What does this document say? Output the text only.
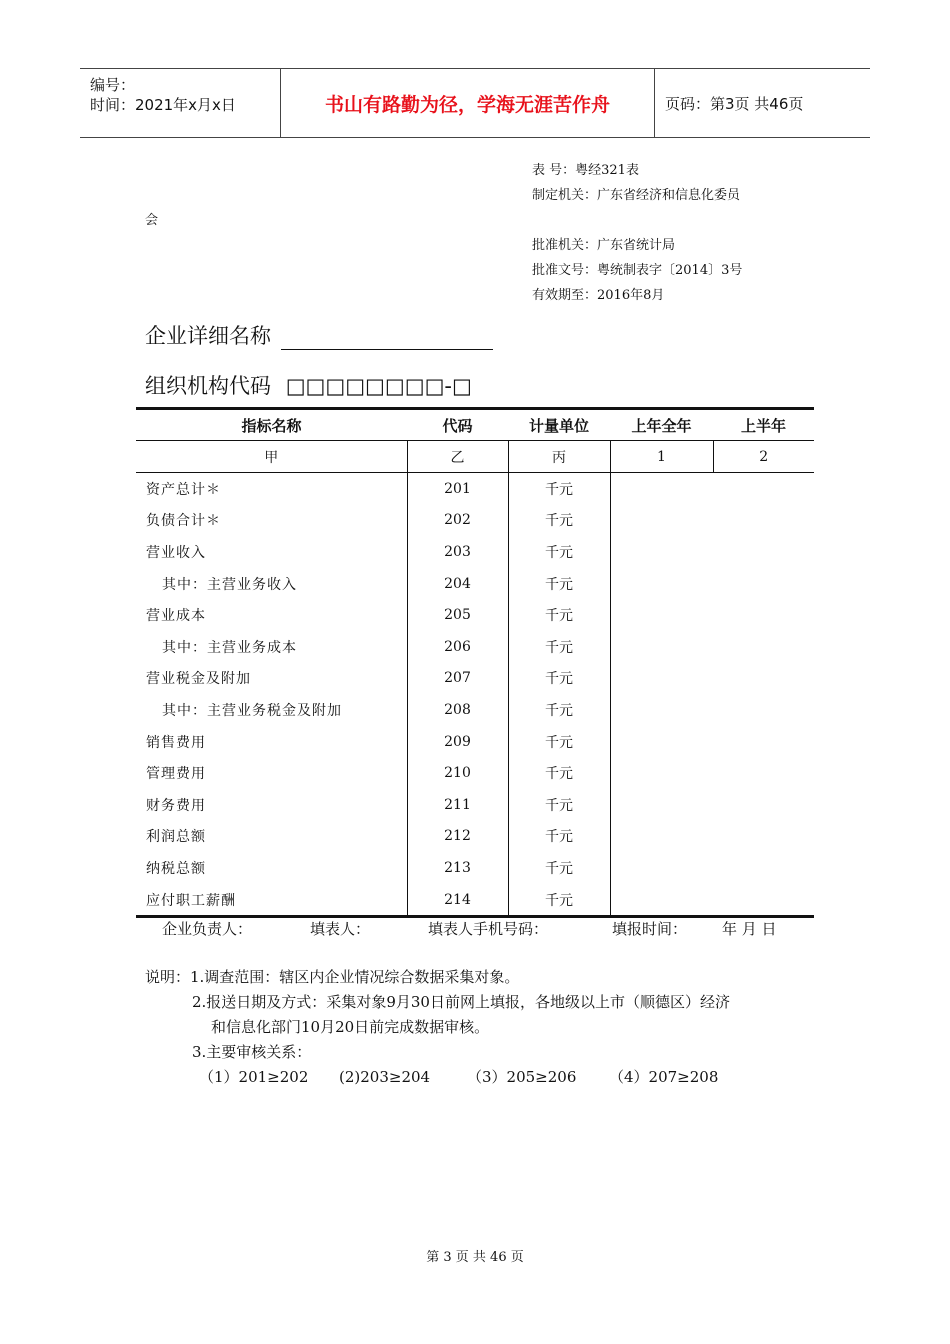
编号：
时间：2021年x月x日	书山有路勤为径，学海无涯苦作舟	页码：第3页 共46页
表 号：粤经321表
制定机关：广东省经济和信息化委员
会
批准机关：广东省统计局
批准文号：粤统制表字〔2014〕3号
有效期至：2016年8月
企业详细名称
组织机构代码 □□□□□□□□-□
指标名称	代码	计量单位	上年全年	上半年
甲	乙	丙	1	2
资产总计＊	201	千元		
负债合计＊	202	千元		
营业收入	203	千元		
其中：主营业务收入	204	千元		
营业成本	205	千元		
其中：主营业务成本	206	千元		
营业税金及附加	207	千元		
其中：主营业务税金及附加	208	千元		
销售费用	209	千元		
管理费用	210	千元		
财务费用	211	千元		
利润总额	212	千元		
纳税总额	213	千元		
应付职工薪酬	214	千元		
企业负责人：	填表人：	填表人手机号码：	填报时间： 年 月 日
说明：1.调查范围：辖区内企业情况综合数据采集对象。
2.报送日期及方式：采集对象9月30日前网上填报，各地级以上市（顺德区）经济
和信息化部门10月20日前完成数据审核。
3.主要审核关系：
（1）201≥202 (2)203≥204 （3）205≥206 （4）207≥208
第 3 页 共 46 页
